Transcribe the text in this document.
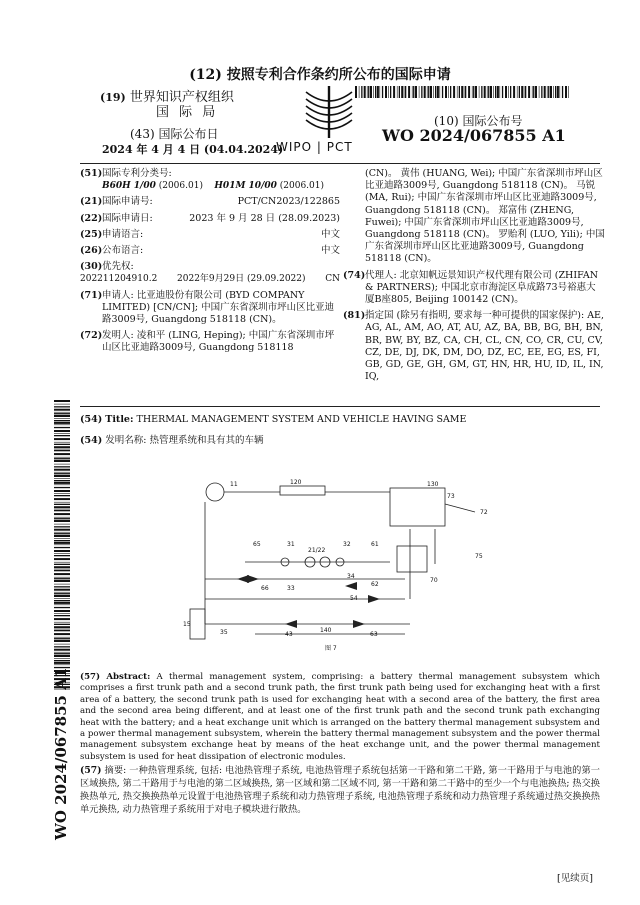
(12) 按照专利合作条约所公布的国际申请
(19) 世界知识产权组织
国 际 局
(43) 国际公布日
2024 年 4 月 4 日 (04.04.2024)
WIPO | PCT
(10) 国际公布号
WO 2024/067855 A1
(51)国际专利分类号:
B60H 1/00 (2006.01) H01M 10/00 (2006.01)
(21)国际申请号:	PCT/CN2023/122865
(22)国际申请日:	2023 年 9 月 28 日 (28.09.2023)
(25)申请语言:	中文
(26)公布语言:	中文
(30)优先权:
202211204910.2 2022年9月29日 (29.09.2022) CN
(71) 申请人: 比亚迪股份有限公司 (BYD COMPANY LIMITED) [CN/CN]; 中国广东省深圳市坪山区比亚迪路3009号, Guangdong 518118 (CN)。
(72) 发明人: 凌和平 (LING, Heping); 中国广东省深圳市坪山区比亚迪路3009号, Guangdong 518118
(CN)。 黄伟 (HUANG, Wei); 中国广东省深圳市坪山区比亚迪路3009号, Guangdong 518118 (CN)。 马锐 (MA, Rui); 中国广东省深圳市坪山区比亚迪路3009号, Guangdong 518118 (CN)。 郑富伟 (ZHENG, Fuwei); 中国广东省深圳市坪山区比亚迪路3009号, Guangdong 518118 (CN)。 罗贻利 (LUO, Yili); 中国广东省深圳市坪山区比亚迪路3009号, Guangdong 518118 (CN)。
(74) 代理人: 北京知帆远景知识产权代理有限公司 (ZHIFAN & PARTNERS); 中国北京市海淀区阜成路73号裕惠大厦B座805, Beijing 100142 (CN)。
(81) 指定国 (除另有指明, 要求每一种可提供的国家保护): AE, AG, AL, AM, AO, AT, AU, AZ, BA, BB, BG, BH, BN, BR, BW, BY, BZ, CA, CH, CL, CN, CO, CR, CU, CV, CZ, DE, DJ, DK, DM, DO, DZ, EC, EE, EG, ES, FI, GB, GD, GE, GH, GM, GT, HN, HR, HU, ID, IL, IN, IQ,
(54) Title: THERMAL MANAGEMENT SYSTEM AND VEHICLE HAVING SAME
(54) 发明名称: 热管理系统和具有其的车辆
11	120	130
73
72
65	31
21/22
32	61
75
66	33
34
62
70
54
15
35	43
140
63
图 7
(57) Abstract: A thermal management system, comprising: a battery thermal management subsystem which comprises a first trunk path and a second trunk path, the first trunk path being used for exchanging heat with a first area of a battery, the second trunk path is used for exchanging heat with a second area of the battery, the first area and the second area being different, and at least one of the first trunk path and the second trunk path exchanging heat with the battery; and a heat exchange unit which is arranged on the battery thermal management subsystem and a power thermal management subsystem, wherein the battery thermal management subsystem and the power thermal management subsystem exchange heat by means of the heat exchange unit, and the power thermal management subsystem is used for heat dissipation of electronic modules.
(57) 摘要: 一种热管理系统, 包括: 电池热管理子系统, 电池热管理子系统包括第一干路和第二干路, 第一干路用于与电池的第一区域换热, 第二干路用于与电池的第二区域换热, 第一区域和第二区域不同, 第一干路和第二干路中的至少一个与电池换热; 热交换换热单元, 热交换换热单元设置于电池热管理子系统和动力热管理子系统, 电池热管理子系统和动力热管理子系统通过热交换换热单元换热, 动力热管理子系统用于对电子模块进行散热。
WO 2024/067855 A1
[见续页]
